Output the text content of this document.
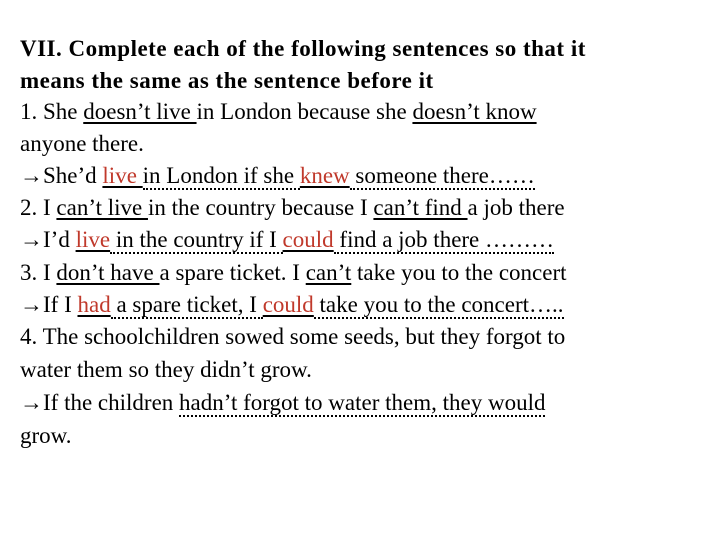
VII. Complete each of the following sentences so that it
means the same as the sentence before it
1. She doesn’t live in London because she doesn’t know
anyone there.
→She’d live in London if she knew someone there……
2. I can’t live in the country because I can’t find a job there
→I’d live in the country if I could find a job there ………
3. I don’t have a spare ticket. I can’t take you to the concert
→If I had a spare ticket, I could take you to the concert…..
4. The schoolchildren sowed some seeds, but they forgot to
water them so they didn’t grow.
→If the children hadn’t forgot to water them, they would
grow.
